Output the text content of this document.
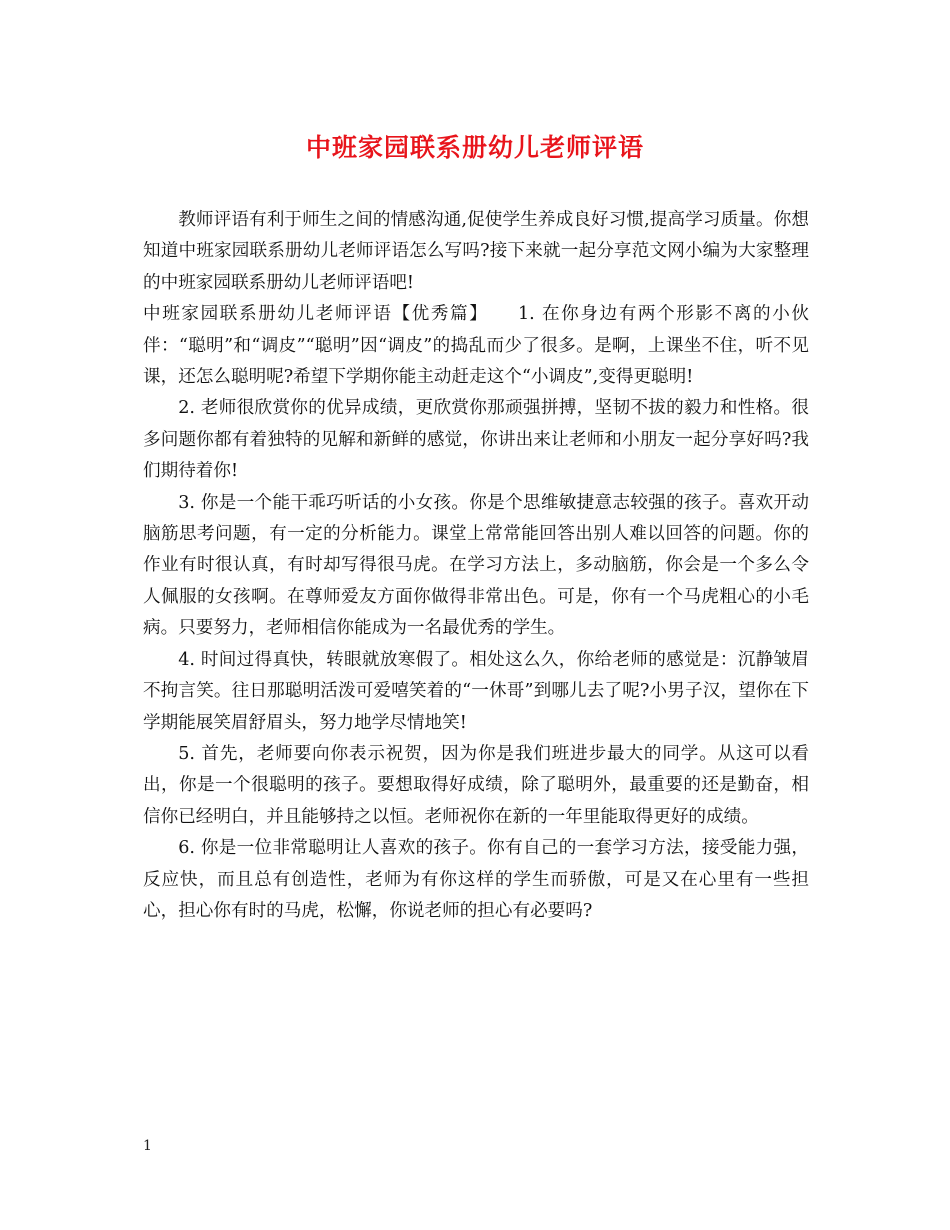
中班家园联系册幼儿老师评语

教师评语有利于师生之间的情感沟通,促使学生养成良好习惯,提高学习质量。你想知道中班家园联系册幼儿老师评语怎么写吗?接下来就一起分享范文网小编为大家整理的中班家园联系册幼儿老师评语吧!

中班家园联系册幼儿老师评语【优秀篇】　　1. 在你身边有两个形影不离的小伙伴：“聪明”和“调皮”“聪明”因“调皮”的捣乱而少了很多。是啊，上课坐不住，听不见课，还怎么聪明呢?希望下学期你能主动赶走这个“小调皮”,变得更聪明!

2. 老师很欣赏你的优异成绩，更欣赏你那顽强拼搏，坚韧不拔的毅力和性格。很多问题你都有着独特的见解和新鲜的感觉，你讲出来让老师和小朋友一起分享好吗?我们期待着你!

3. 你是一个能干乖巧听话的小女孩。你是个思维敏捷意志较强的孩子。喜欢开动脑筋思考问题，有一定的分析能力。课堂上常常能回答出别人难以回答的问题。你的作业有时很认真，有时却写得很马虎。在学习方法上，多动脑筋，你会是一个多么令人佩服的女孩啊。在尊师爱友方面你做得非常出色。可是，你有一个马虎粗心的小毛病。只要努力，老师相信你能成为一名最优秀的学生。

4. 时间过得真快，转眼就放寒假了。相处这么久，你给老师的感觉是：沉静皱眉不拘言笑。往日那聪明活泼可爱嘻笑着的“一休哥”到哪儿去了呢?小男子汉，望你在下学期能展笑眉舒眉头，努力地学尽情地笑!

5. 首先，老师要向你表示祝贺，因为你是我们班进步最大的同学。从这可以看出，你是一个很聪明的孩子。要想取得好成绩，除了聪明外，最重要的还是勤奋，相信你已经明白，并且能够持之以恒。老师祝你在新的一年里能取得更好的成绩。

6. 你是一位非常聪明让人喜欢的孩子。你有自己的一套学习方法，接受能力强，反应快，而且总有创造性，老师为有你这样的学生而骄傲，可是又在心里有一些担心，担心你有时的马虎，松懈，你说老师的担心有必要吗?

1
